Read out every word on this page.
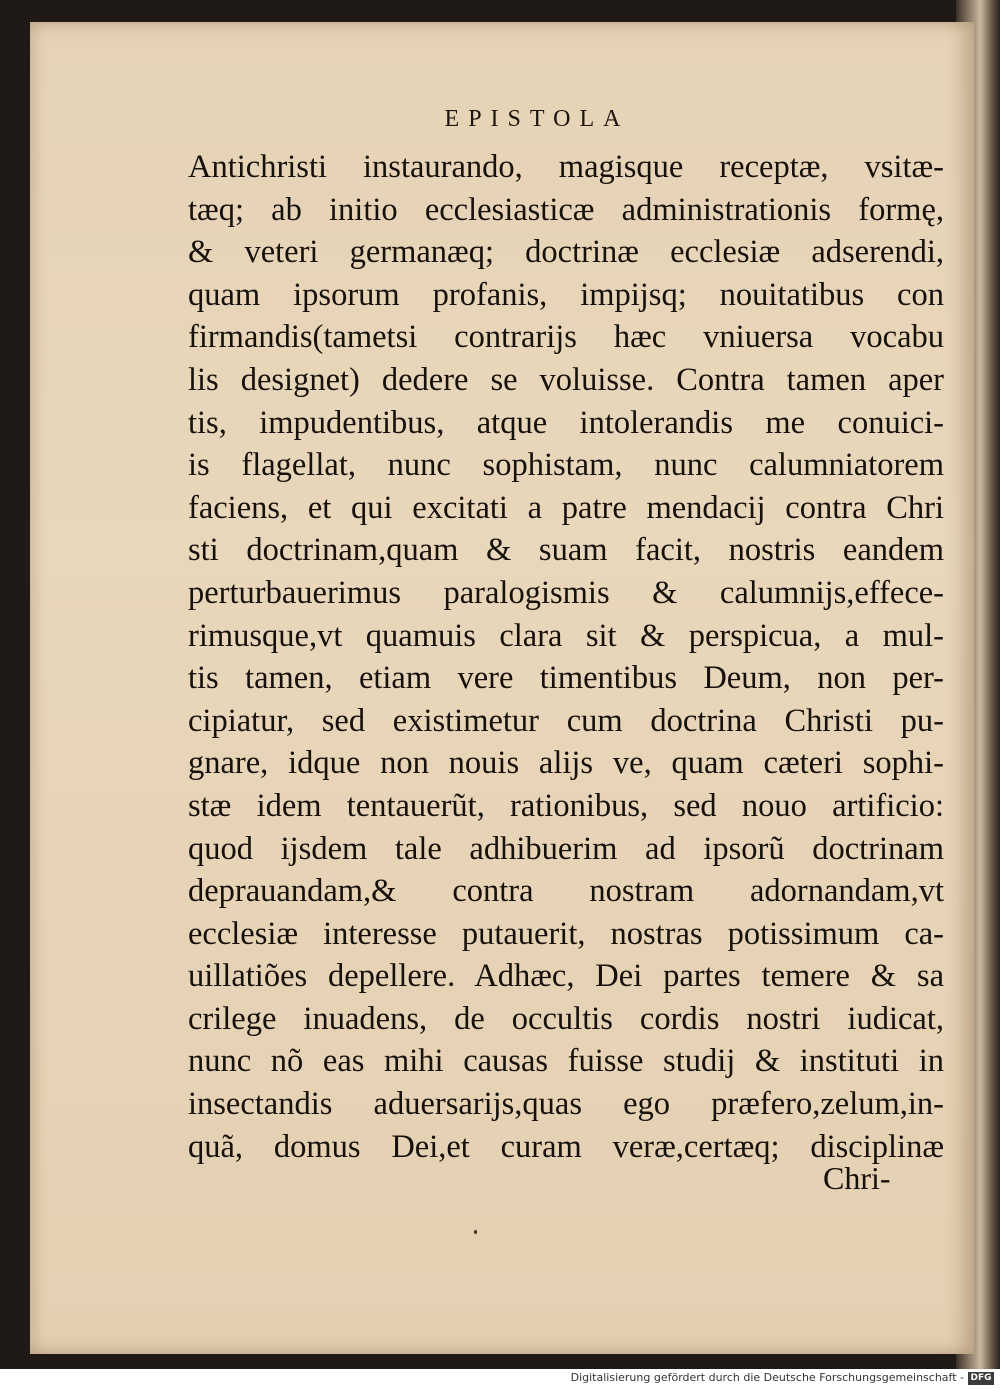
EPISTOLA
Antichristi instaurando, magisque receptæ, vsitæ-
tæq; ab initio ecclesiasticæ administrationis formę,
& veteri germanæq; doctrinæ ecclesiæ adserendi,
quam ipsorum profanis, impijsq; nouitatibus con
firmandis(tametsi contrarijs hæc vniuersa vocabu
lis designet) dedere se voluisse. Contra tamen aper
tis, impudentibus, atque intolerandis me conuici-
is flagellat, nunc sophistam, nunc calumniatorem
faciens, et qui excitati a patre mendacij contra Chri
sti doctrinam,quam & suam facit, nostris eandem
perturbauerimus paralogismis & calumnijs,effece-
rimusque,vt quamuis clara sit & perspicua, a mul-
tis tamen, etiam vere timentibus Deum, non per-
cipiatur, sed existimetur cum doctrina Christi pu-
gnare, idque non nouis alijs ve, quam cæteri sophi-
stæ idem tentauerũt, rationibus, sed nouo artificio:
quod ijsdem tale adhibuerim ad ipsorũ doctrinam
deprauandam,& contra nostram adornandam,vt
ecclesiæ interesse putauerit, nostras potissimum ca-
uillatiões depellere. Adhæc, Dei partes temere & sa
crilege inuadens, de occultis cordis nostri iudicat,
nunc nõ eas mihi causas fuisse studij & instituti in
insectandis aduersarijs,quas ego præfero,zelum,in-
quã, domus Dei,et curam veræ,certæq; disciplinæ
Chri-
Digitalisierung gefördert durch die Deutsche Forschungsgemeinschaft - DFG
